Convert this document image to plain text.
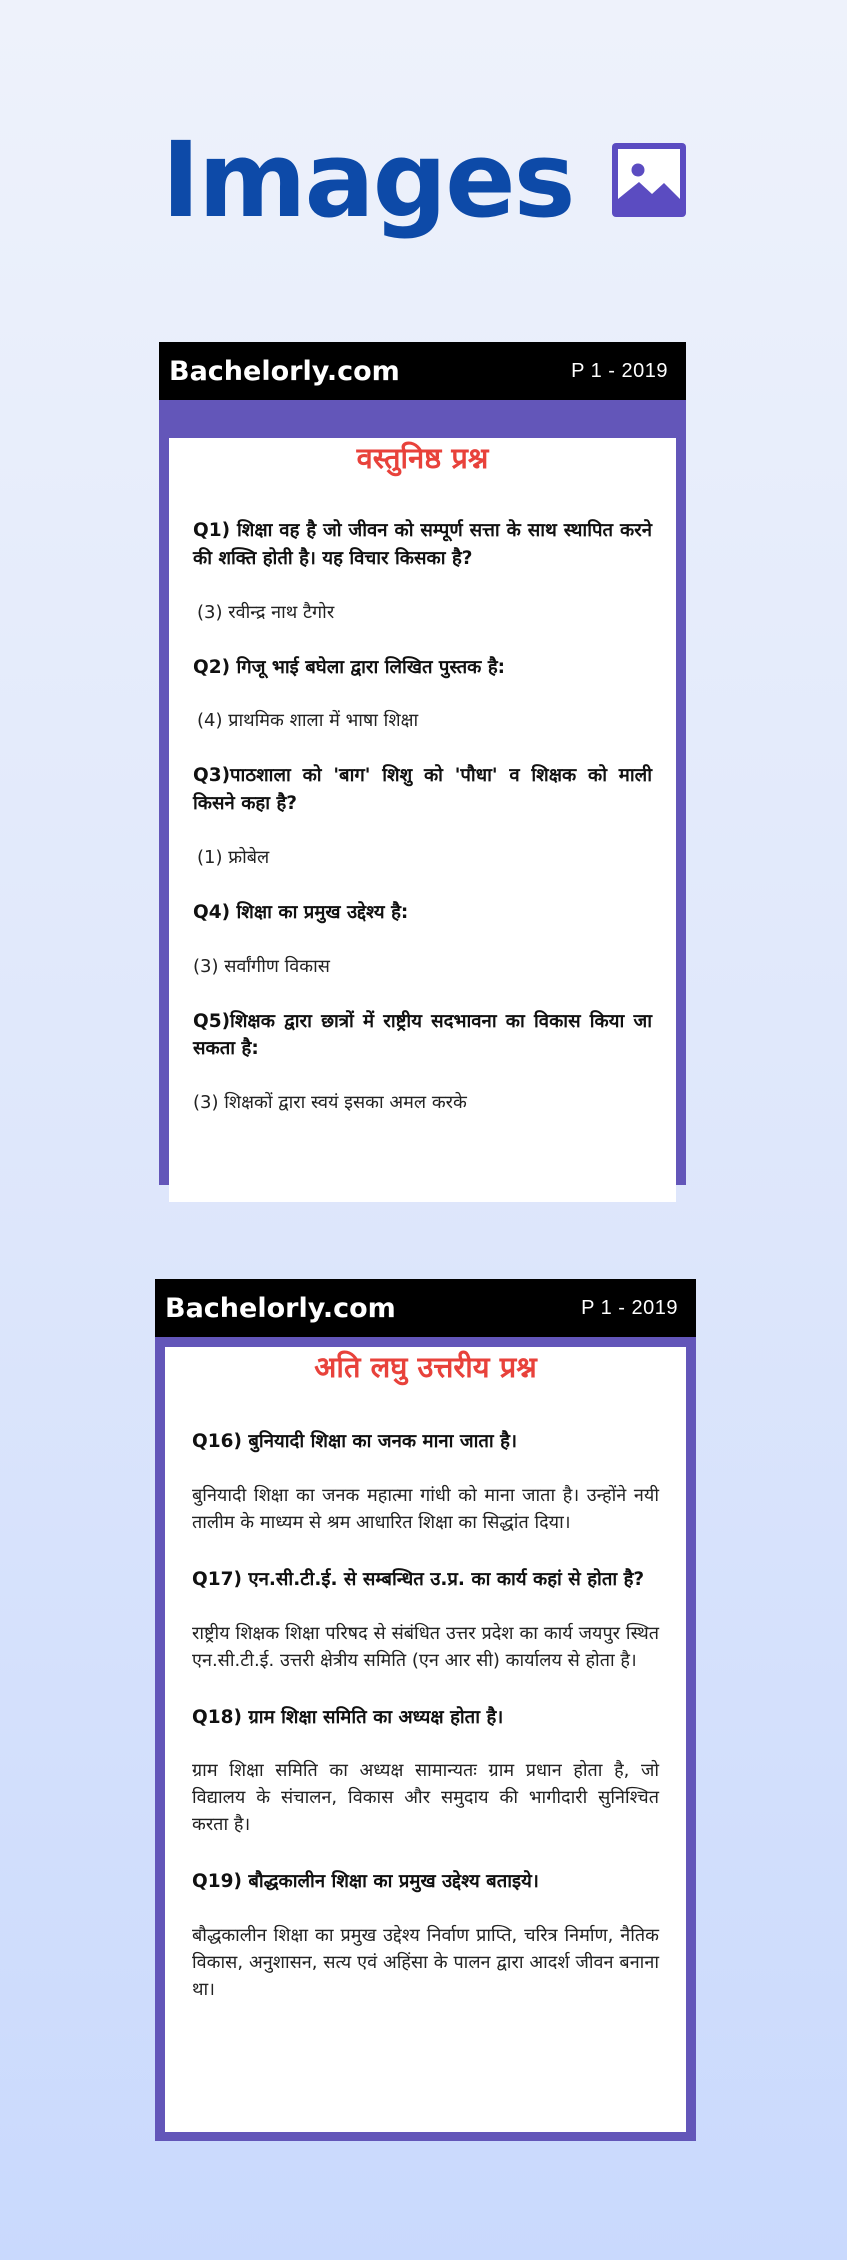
Images
Bachelorly.com	P 1 - 2019
वस्तुनिष्ठ प्रश्न
Q1) शिक्षा वह है जो जीवन को सम्पूर्ण सत्ता के साथ स्थापित करने की शक्ति होती है। यह विचार किसका है?
(3) रवीन्द्र नाथ टैगोर
Q2) गिजू भाई बघेला द्वारा लिखित पुस्तक है:
(4) प्राथमिक शाला में भाषा शिक्षा
Q3)पाठशाला को 'बाग' शिशु को 'पौधा' व शिक्षक को माली किसने कहा है?
(1) फ्रोबेल
Q4) शिक्षा का प्रमुख उद्देश्य है:
(3) सर्वांगीण विकास
Q5)शिक्षक द्वारा छात्रों में राष्ट्रीय सदभावना का विकास किया जा सकता है:
(3) शिक्षकों द्वारा स्वयं इसका अमल करके
Bachelorly.com	P 1 - 2019
अति लघु उत्तरीय प्रश्न
Q16) बुनियादी शिक्षा का जनक माना जाता है।
बुनियादी शिक्षा का जनक महात्मा गांधी को माना जाता है। उन्होंने नयी तालीम के माध्यम से श्रम आधारित शिक्षा का सिद्धांत दिया।
Q17) एन.सी.टी.ई. से सम्बन्धित उ.प्र. का कार्य कहां से होता है?
राष्ट्रीय शिक्षक शिक्षा परिषद से संबंधित उत्तर प्रदेश का कार्य जयपुर स्थित एन.सी.टी.ई. उत्तरी क्षेत्रीय समिति (एन आर सी) कार्यालय से होता है।
Q18) ग्राम शिक्षा समिति का अध्यक्ष होता है।
ग्राम शिक्षा समिति का अध्यक्ष सामान्यतः ग्राम प्रधान होता है, जो विद्यालय के संचालन, विकास और समुदाय की भागीदारी सुनिश्चित करता है।
Q19) बौद्धकालीन शिक्षा का प्रमुख उद्देश्य बताइये।
बौद्धकालीन शिक्षा का प्रमुख उद्देश्य निर्वाण प्राप्ति, चरित्र निर्माण, नैतिक विकास, अनुशासन, सत्य एवं अहिंसा के पालन द्वारा आदर्श जीवन बनाना था।
